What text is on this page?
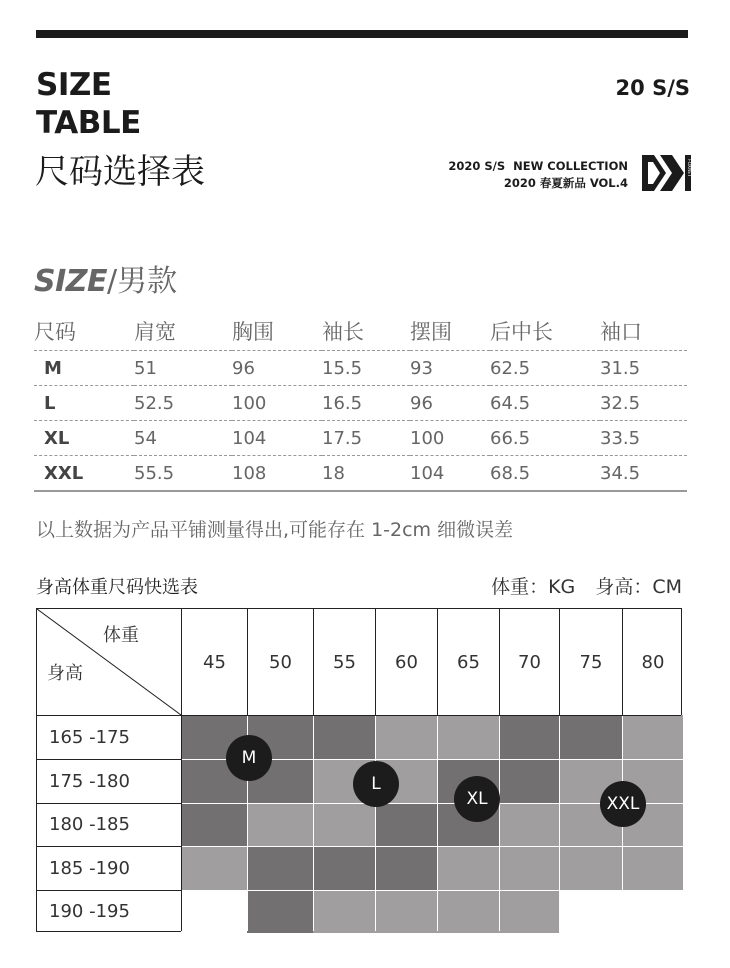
SIZE
TABLE
尺码选择表
20 S/S
2020 S/S  NEW COLLECTION
2020 春夏新品 VOL.4
FOXNET
SIZE/男款
尺码	肩宽	胸围	袖长	摆围	后中长	袖口
M	51	96	15.5	93	62.5	31.5
L	52.5	100	16.5	96	64.5	32.5
XL	54	104	17.5	100	66.5	33.5
XXL	55.5	108	18	104	68.5	34.5
以上数据为产品平铺测量得出,可能存在 1-2cm 细微误差
身高体重尺码快选表	体重：KG 身高：CM
体重
身高
45	50	55	60	65	70	75	80
165 -175
175 -180
180 -185
185 -190
190 -195
M
L
XL	XXL
